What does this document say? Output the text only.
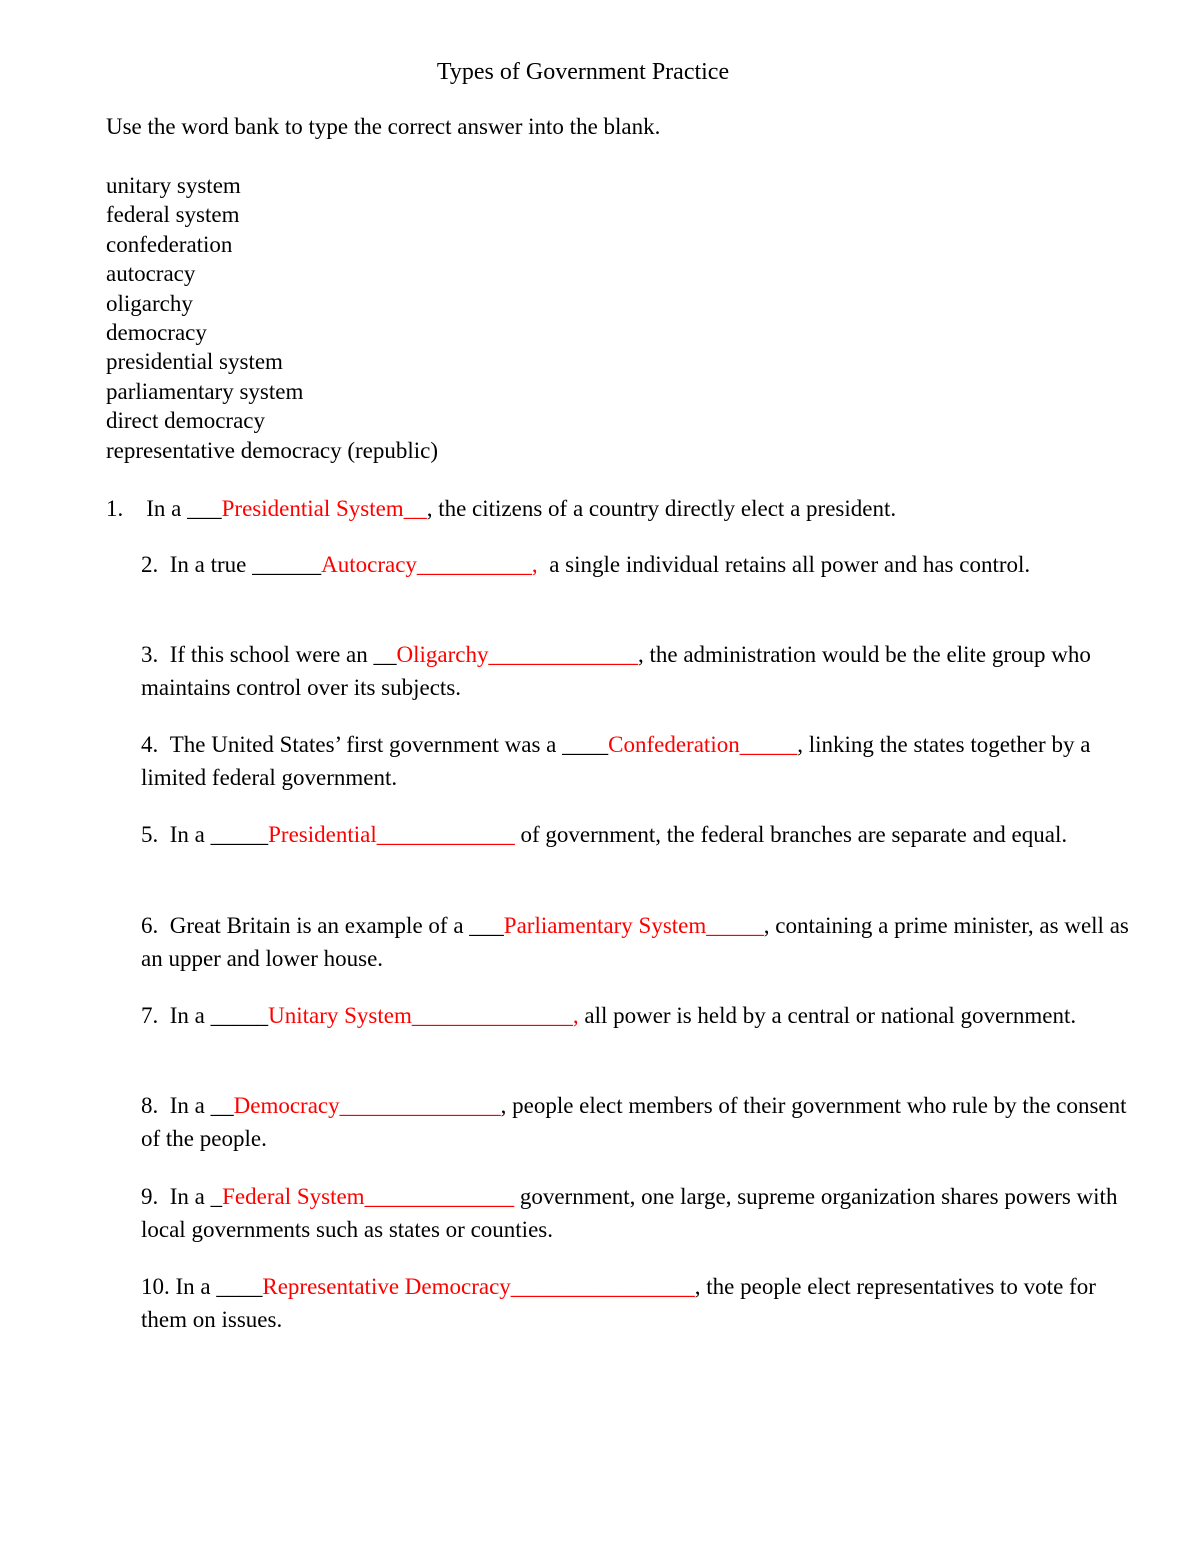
Types of Government Practice
Use the word bank to type the correct answer into the blank.
unitary system
federal system
confederation
autocracy
oligarchy
democracy
presidential system
parliamentary system
direct democracy
representative democracy (republic)
1.    In a ___Presidential System__, the citizens of a country directly elect a president.
2.  In a true ______Autocracy__________,  a single individual retains all power and has control.
3.  If this school were an __Oligarchy_____________, the administration would be the elite group who maintains control over its subjects.
4.  The United States’ first government was a ____Confederation_____, linking the states together by a limited federal government.
5.  In a _____Presidential____________ of government, the federal branches are separate and equal.
6.  Great Britain is an example of a ___Parliamentary System_____, containing a prime minister, as well as an upper and lower house.
7.  In a _____Unitary System______________, all power is held by a central or national government.
8.  In a __Democracy______________, people elect members of their government who rule by the consent of the people.
9.  In a _Federal System_____________ government, one large, supreme organization shares powers with local governments such as states or counties.
10. In a ____Representative Democracy________________, the people elect representatives to vote for them on issues.
